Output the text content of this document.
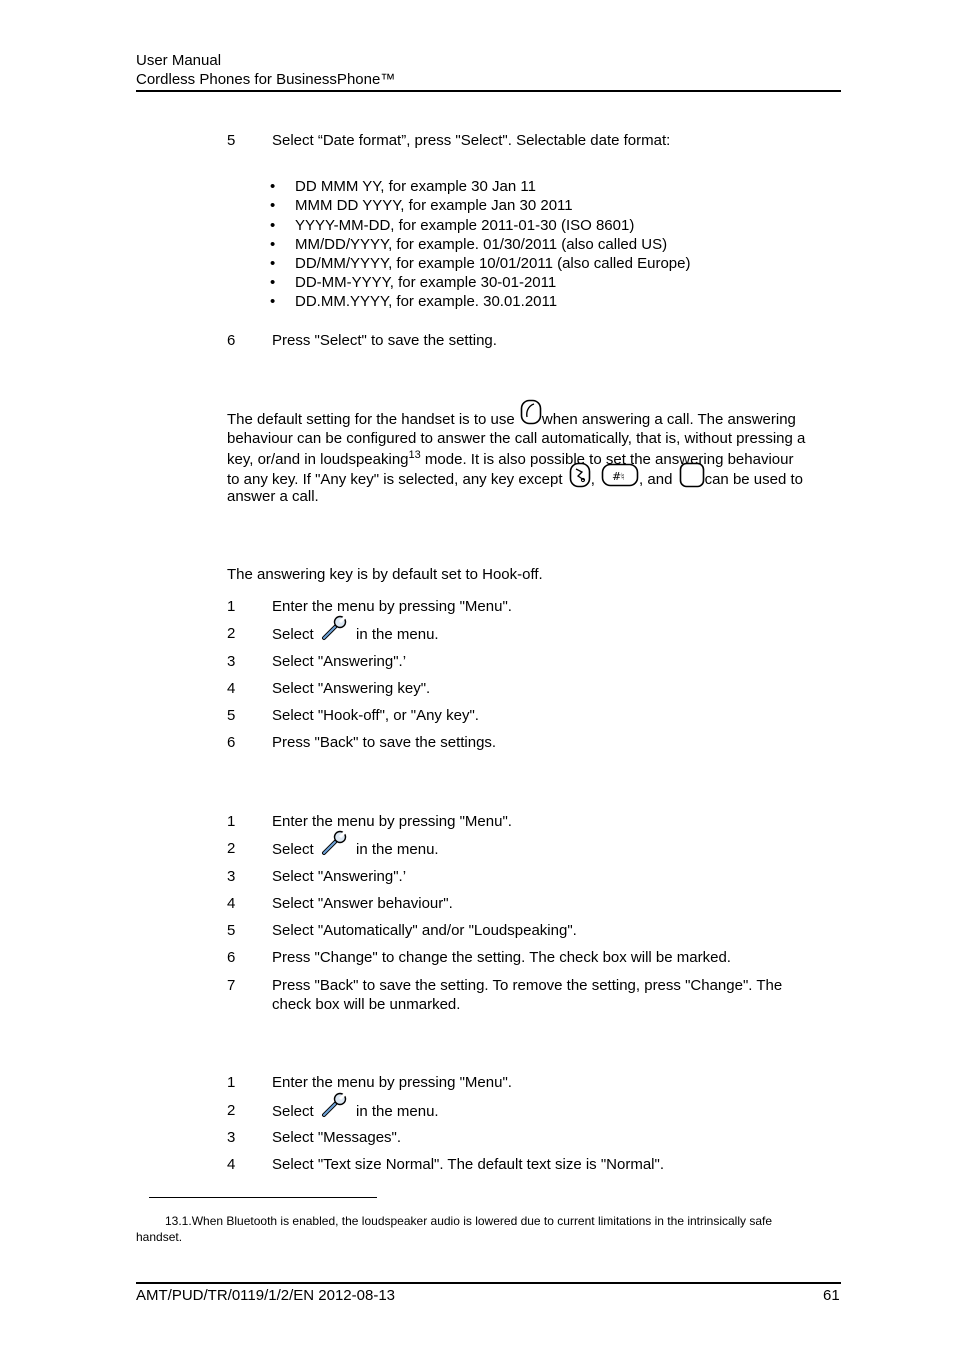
User Manual
Cordless Phones for BusinessPhone™
5 Select “Date format”, press "Select". Selectable date format:
• DD MMM YY, for example 30 Jan 11
• MMM DD YYYY, for example Jan 30 2011
• YYYY-MM-DD, for example 2011-01-30 (ISO 8601)
• MM/DD/YYYY, for example. 01/30/2011 (also called US)
• DD/MM/YYYY, for example 10/01/2011 (also called Europe)
• DD-MM-YYYY, for example 30-01-2011
• DD.MM.YYYY, for example. 30.01.2011
6 Press "Select" to save the setting.
The default setting for the handset is to use when answering a call. The answering
behaviour can be configured to answer the call automatically, that is, without pressing a
key, or/and in loudspeaking$^{13}$ mode. It is also possible to set the answering behaviour
to any key. If "Any key" is selected, any key except , # ♮ , and can be used to
answer a call.
The answering key is by default set to Hook-off.
1 Enter the menu by pressing "Menu".
2 Select	in the menu.
3 Select "Answering".’
4 Select "Answering key".
5 Select "Hook-off", or "Any key".
6 Press "Back" to save the settings.
1 Enter the menu by pressing "Menu".
2 Select	in the menu.
3 Select "Answering".’
4 Select "Answer behaviour".
5 Select "Automatically" and/or "Loudspeaking".
6 Press "Change" to change the setting. The check box will be marked.
7 Press "Back" to save the setting. To remove the setting, press "Change". The
check box will be unmarked.
1 Enter the menu by pressing "Menu".
2 Select	in the menu.
3 Select "Messages".
4 Select "Text size Normal". The default text size is "Normal".
13.1.When Bluetooth is enabled, the loudspeaker audio is lowered due to current limitations in the intrinsically safe
handset.
AMT/PUD/TR/0119/1/2/EN 2012-08-13	61
